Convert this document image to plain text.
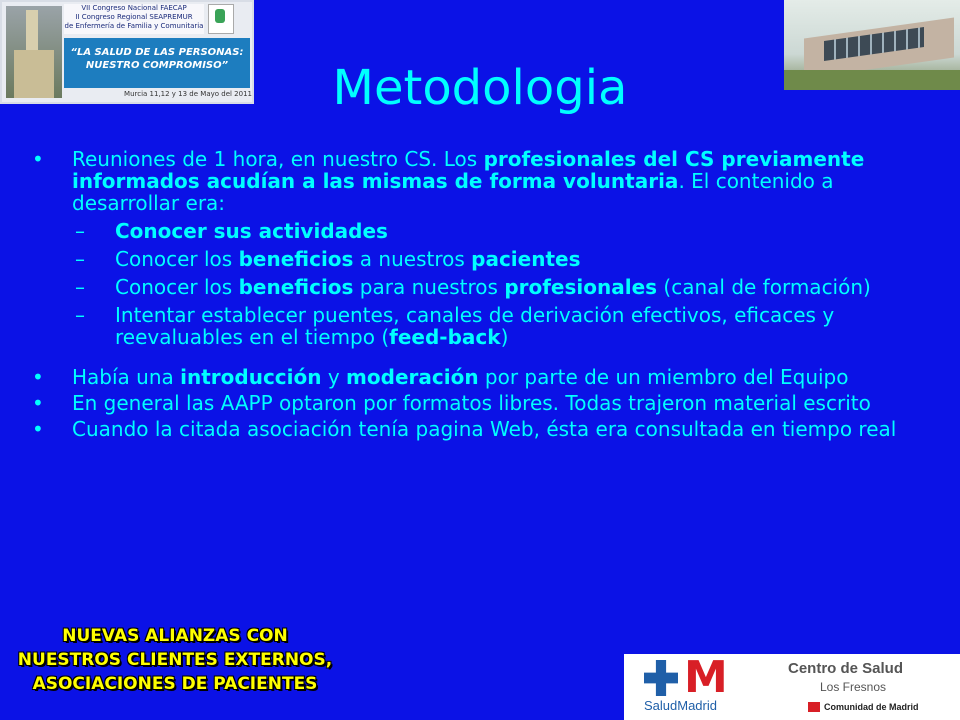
VII Congreso Nacional FAECAP
II Congreso Regional SEAPREMUR
de Enfermería de Familia y Comunitaria
“LA SALUD DE LAS PERSONAS:
NUESTRO COMPROMISO”
Murcia 11,12 y 13 de Mayo del 2011	Metodologia
• Reuniones de 1 hora, en nuestro CS. Los profesionales del CS previamente informados acudían a las mismas de forma voluntaria. El contenido a desarrollar era:
– Conocer sus actividades
– Conocer los beneficios a nuestros pacientes
– Conocer los beneficios para nuestros profesionales (canal de formación)
– Intentar establecer puentes, canales de derivación efectivos, eficaces y reevaluables en el tiempo (feed-back)
• Había una introducción y moderación por parte de un miembro del Equipo
• En general las AAPP optaron por formatos libres. Todas trajeron material escrito
• Cuando la citada asociación tenía pagina Web, ésta era consultada en tiempo real
NUEVAS ALIANZAS CON
NUESTROS CLIENTES EXTERNOS,
ASOCIACIONES DE PACIENTES	M
SaludMadrid
Centro de Salud
Los Fresnos
Comunidad de Madrid
